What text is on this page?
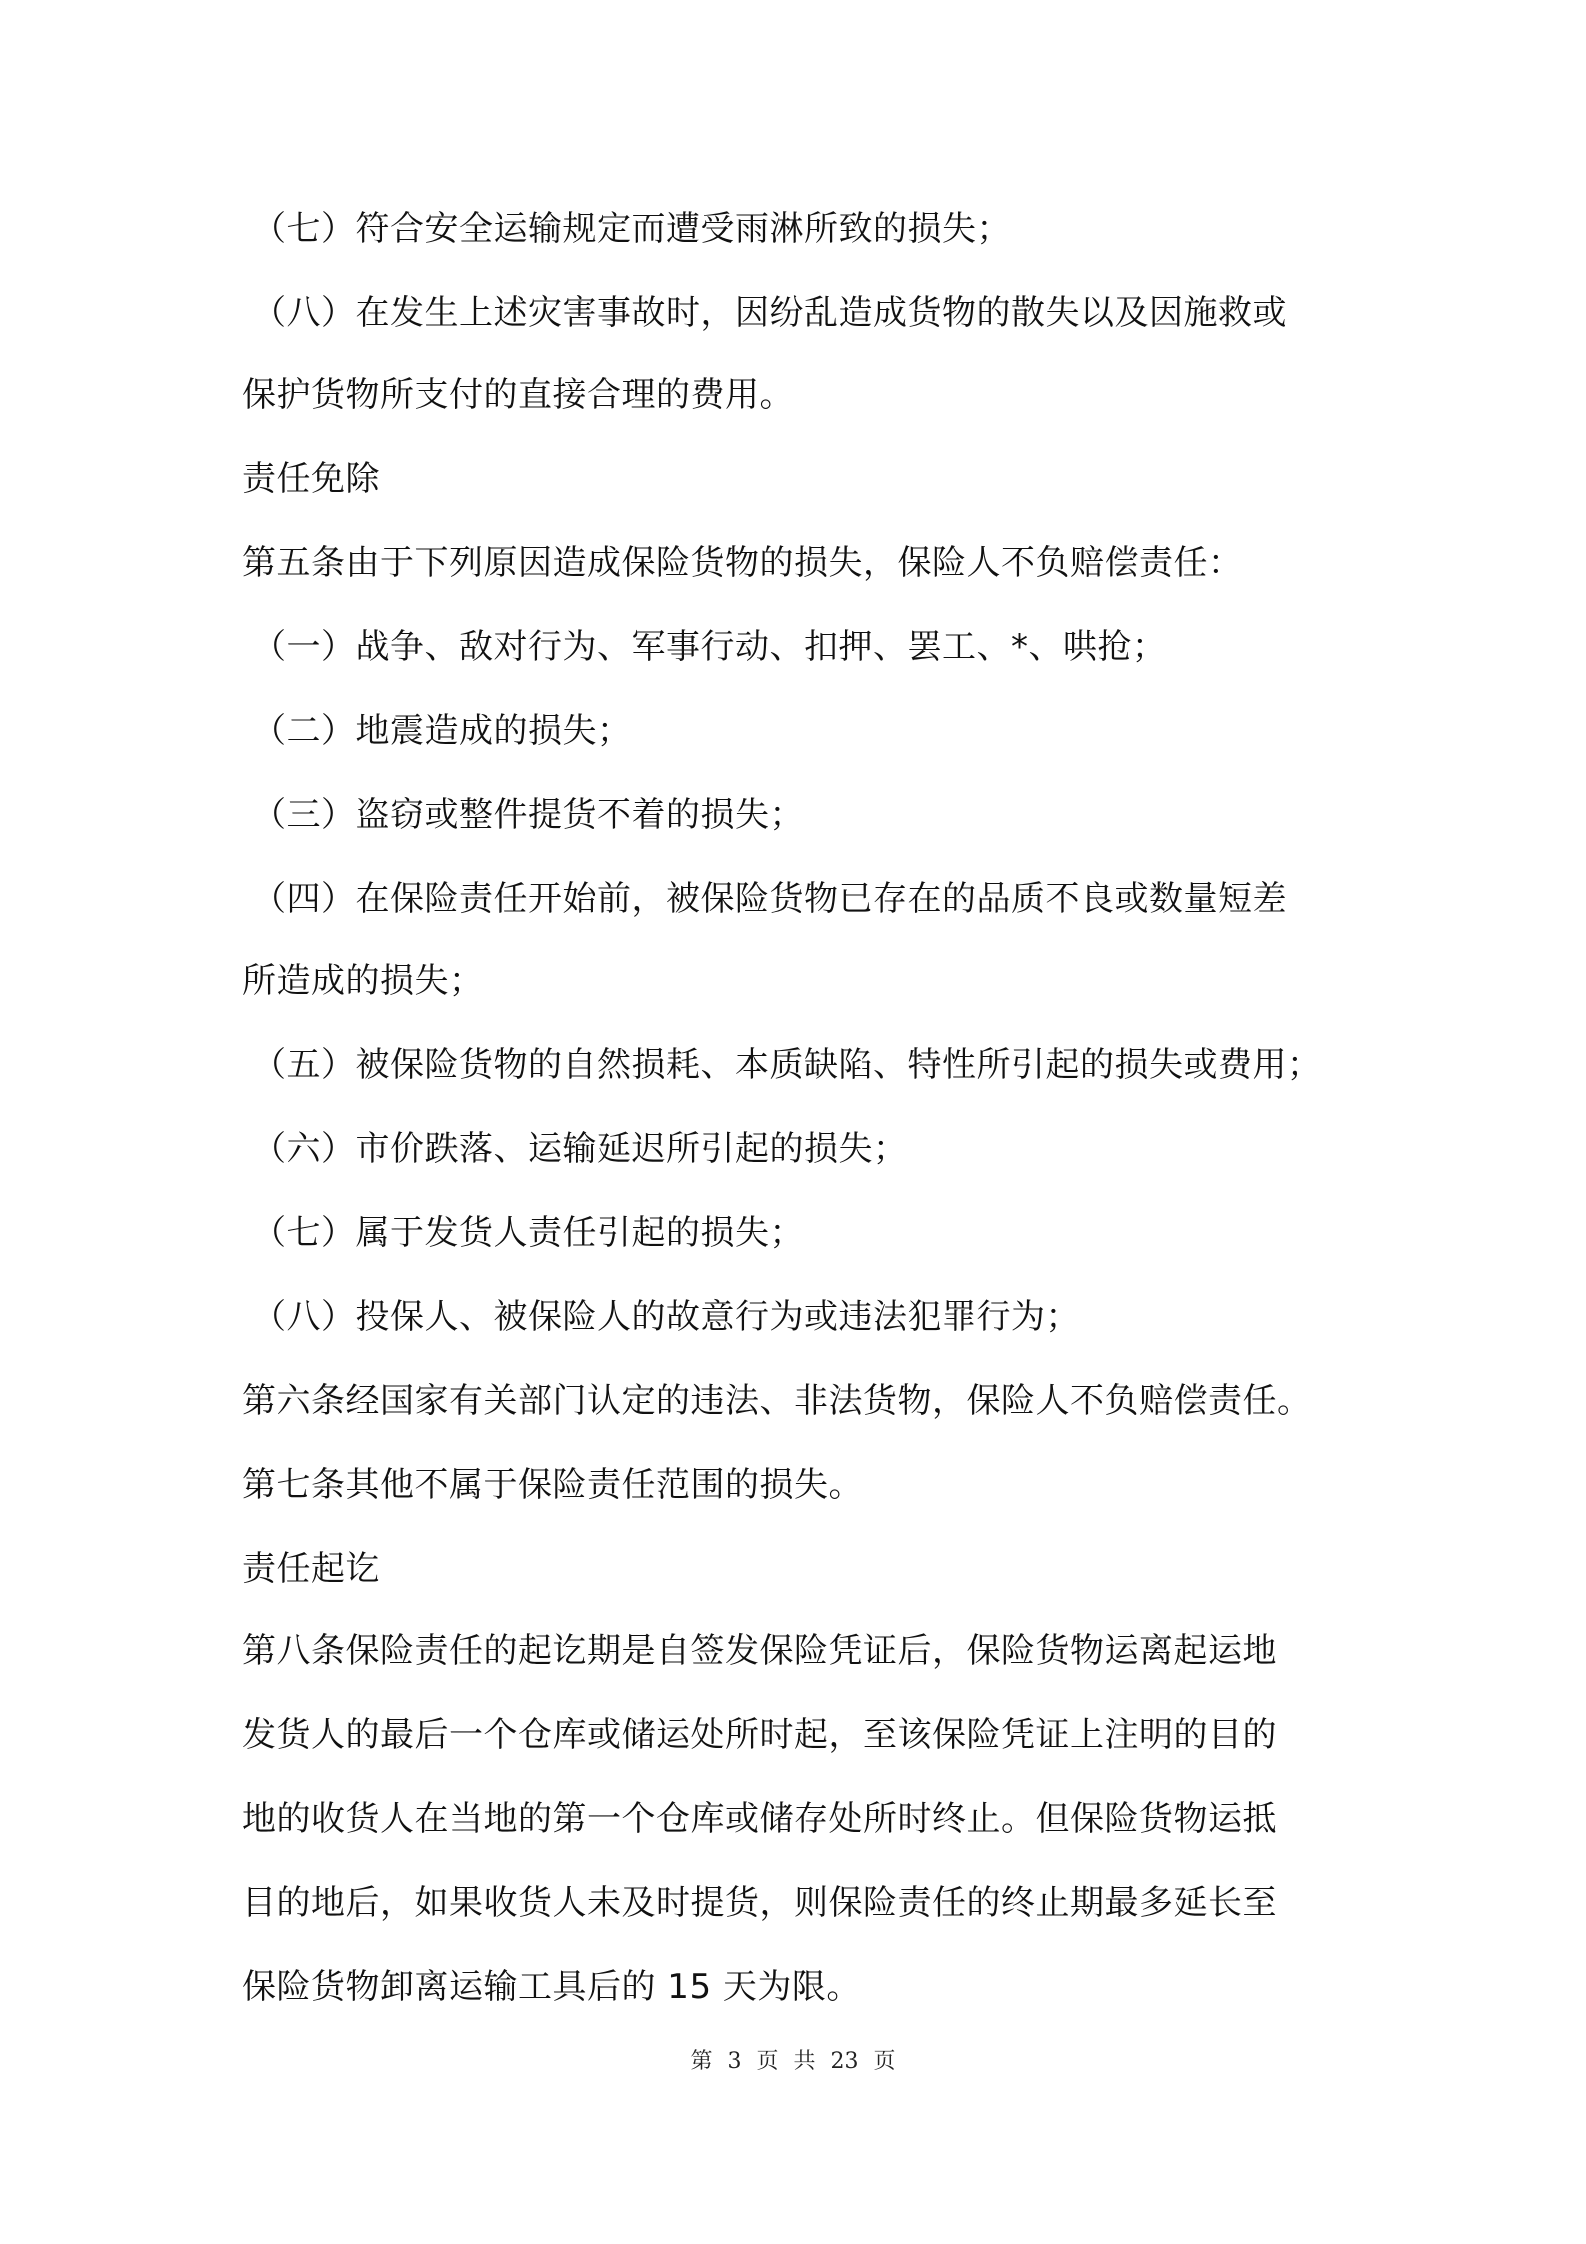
（七）符合安全运输规定而遭受雨淋所致的损失；
（八）在发生上述灾害事故时，因纷乱造成货物的散失以及因施救或
保护货物所支付的直接合理的费用。
责任免除
第五条由于下列原因造成保险货物的损失，保险人不负赔偿责任：
（一）战争、敌对行为、军事行动、扣押、罢工、*、哄抢；
（二）地震造成的损失；
（三）盗窃或整件提货不着的损失；
（四）在保险责任开始前，被保险货物已存在的品质不良或数量短差
所造成的损失；
（五）被保险货物的自然损耗、本质缺陷、特性所引起的损失或费用；
（六）市价跌落、运输延迟所引起的损失；
（七）属于发货人责任引起的损失；
（八）投保人、被保险人的故意行为或违法犯罪行为；
第六条经国家有关部门认定的违法、非法货物，保险人不负赔偿责任。
第七条其他不属于保险责任范围的损失。
责任起讫
第八条保险责任的起讫期是自签发保险凭证后，保险货物运离起运地
发货人的最后一个仓库或储运处所时起，至该保险凭证上注明的目的
地的收货人在当地的第一个仓库或储存处所时终止。但保险货物运抵
目的地后，如果收货人未及时提货，则保险责任的终止期最多延长至
保险货物卸离运输工具后的 15 天为限。
第 3 页 共 23 页
